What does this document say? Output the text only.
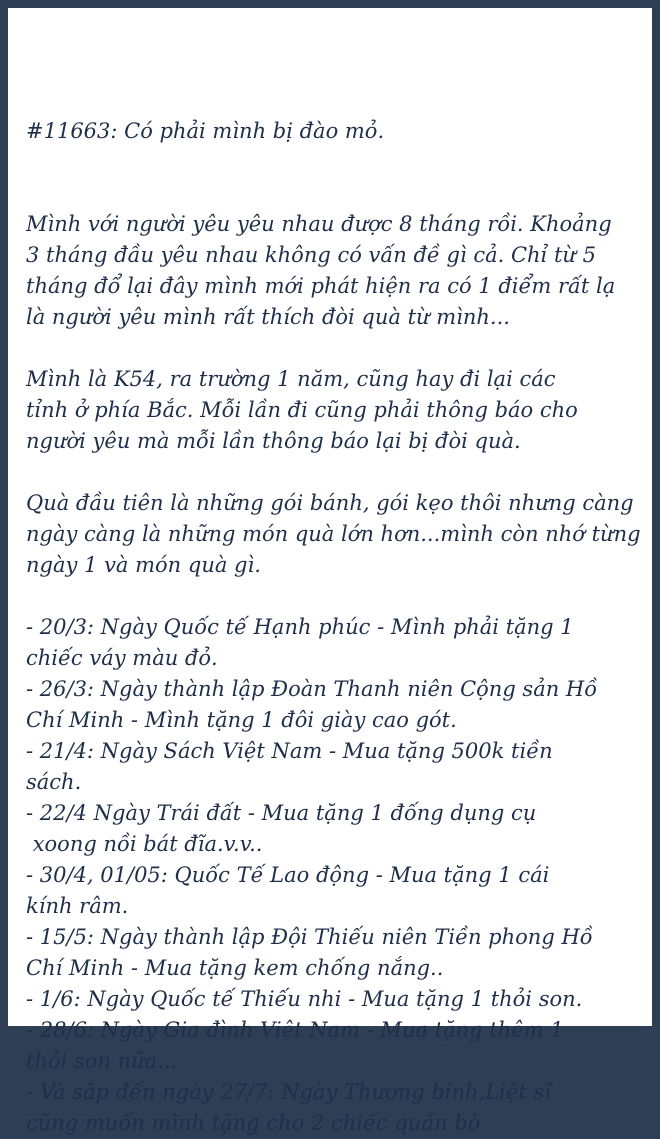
#11663: Có phải mình bị đào mỏ.

Mình với người yêu yêu nhau được 8 tháng rồi. Khoảng
3 tháng đầu yêu nhau không có vấn đề gì cả. Chỉ từ 5
tháng đổ lại đây mình mới phát hiện ra có 1 điểm rất lạ
là người yêu mình rất thích đòi quà từ mình...
Mình là K54, ra trường 1 năm, cũng hay đi lại các
tỉnh ở phía Bắc. Mỗi lần đi cũng phải thông báo cho
người yêu mà mỗi lần thông báo lại bị đòi quà.
Quà đầu tiên là những gói bánh, gói kẹo thôi nhưng càng
ngày càng là những món quà lớn hơn...mình còn nhớ từng
ngày 1 và món quà gì.
- 20/3: Ngày Quốc tế Hạnh phúc - Mình phải tặng 1
chiếc váy màu đỏ.
- 26/3: Ngày thành lập Đoàn Thanh niên Cộng sản Hồ
Chí Minh - Mình tặng 1 đôi giày cao gót.
- 21/4: Ngày Sách Việt Nam - Mua tặng 500k tiền
sách.
- 22/4 Ngày Trái đất - Mua tặng 1 đống dụng cụ
xoong nồi bát đĩa.v.v..
- 30/4, 01/05: Quốc Tế Lao động - Mua tặng 1 cái
kính râm.
- 15/5: Ngày thành lập Đội Thiếu niên Tiền phong Hồ
Chí Minh - Mua tặng kem chống nắng..
- 1/6: Ngày Quốc tế Thiếu nhi - Mua tặng 1 thỏi son.
- 28/6: Ngày Gia đình Việt Nam - Mua tặng thêm 1
thỏi son nữa...
- Và sắp đến ngày 27/7: Ngày Thương binh,Liệt sĩ
cũng muốn mình tặng cho 2 chiếc quần bò
